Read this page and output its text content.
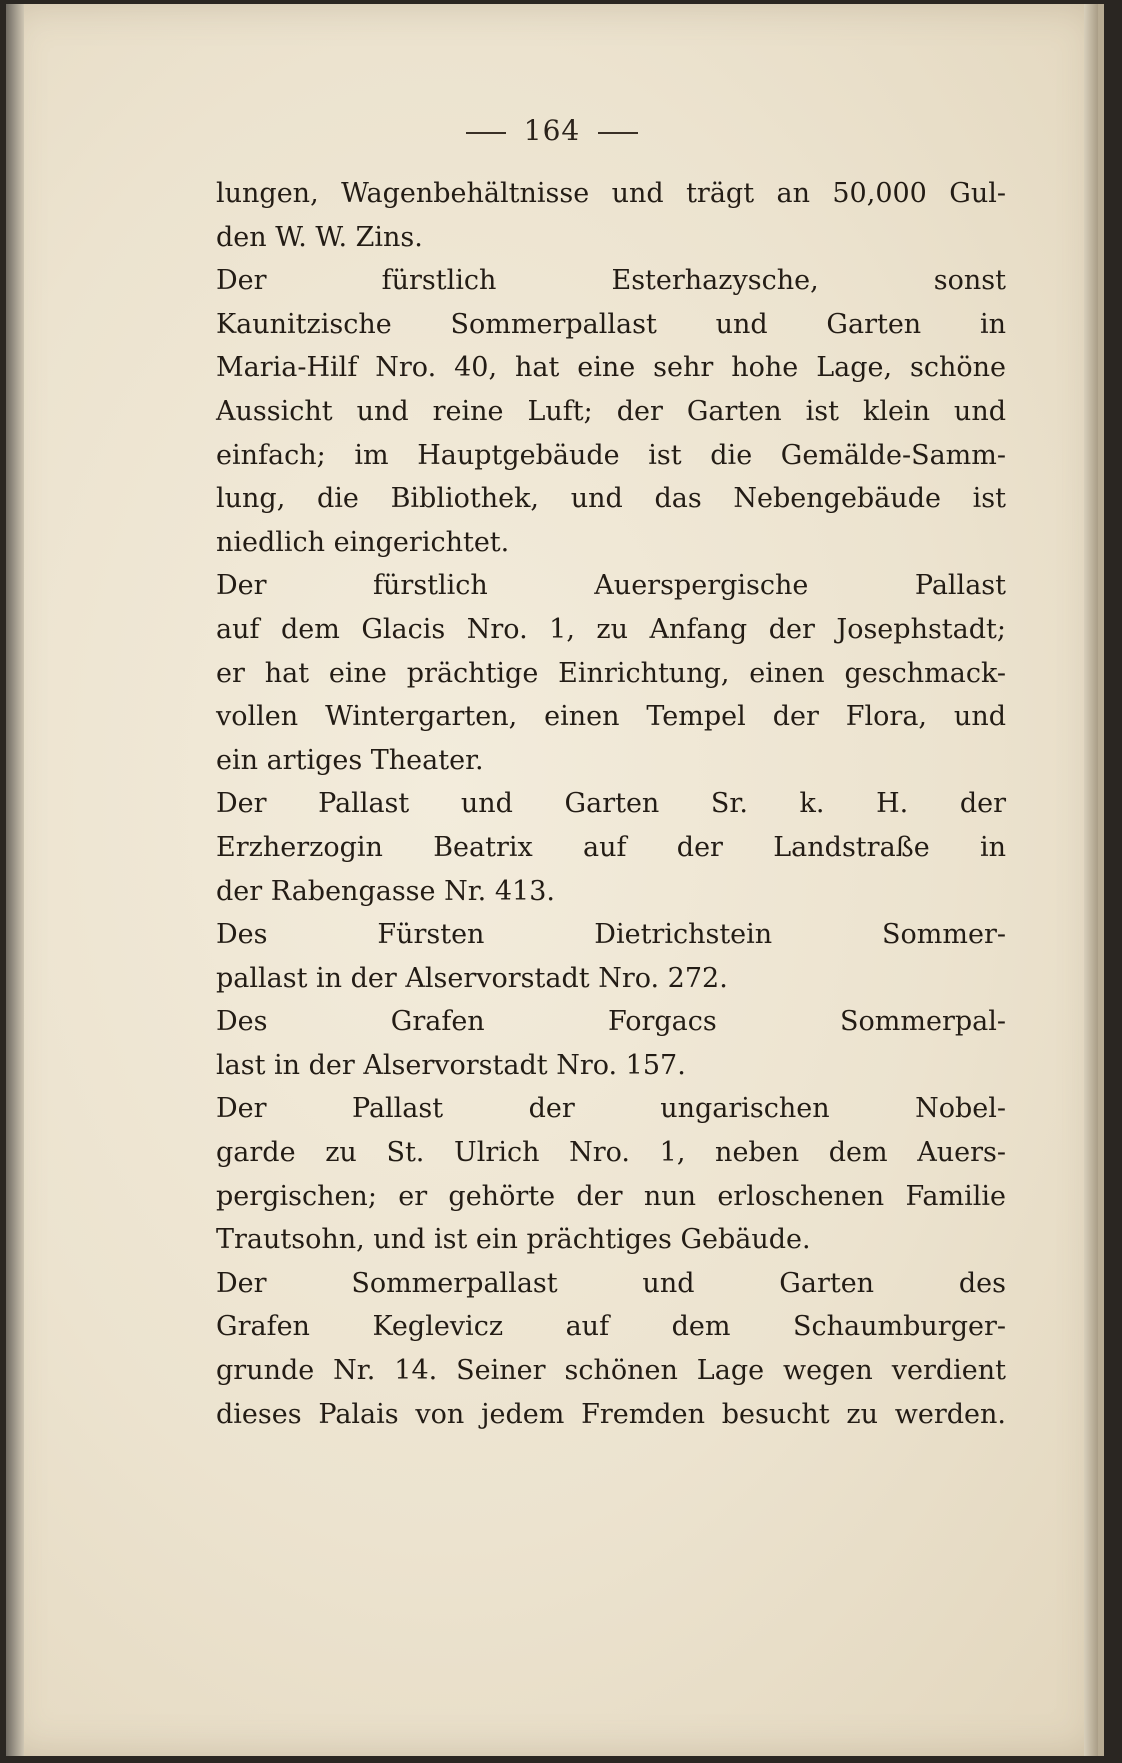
164
lungen, Wagenbehältnisse und trägt an 50,000 Gul-
den W. W. Zins.
Der fürstlich Esterhazysche, sonst
Kaunitzische Sommerpallast und Garten in
Maria-Hilf Nro. 40, hat eine sehr hohe Lage, schöne
Aussicht und reine Luft; der Garten ist klein und
einfach; im Hauptgebäude ist die Gemälde-Samm-
lung, die Bibliothek, und das Nebengebäude ist
niedlich eingerichtet.
Der fürstlich Auerspergische Pallast
auf dem Glacis Nro. 1, zu Anfang der Josephstadt;
er hat eine prächtige Einrichtung, einen geschmack-
vollen Wintergarten, einen Tempel der Flora, und
ein artiges Theater.
Der Pallast und Garten Sr. k. H. der
Erzherzogin Beatrix auf der Landstraße in
der Rabengasse Nr. 413.
Des Fürsten Dietrichstein Sommer-
pallast in der Alservorstadt Nro. 272.
Des Grafen Forgacs Sommerpal-
last in der Alservorstadt Nro. 157.
Der Pallast der ungarischen Nobel-
garde zu St. Ulrich Nro. 1, neben dem Auers-
pergischen; er gehörte der nun erloschenen Familie
Trautsohn, und ist ein prächtiges Gebäude.
Der Sommerpallast und Garten des
Grafen Keglevicz auf dem Schaumburger-
grunde Nr. 14. Seiner schönen Lage wegen verdient
dieses Palais von jedem Fremden besucht zu werden.
